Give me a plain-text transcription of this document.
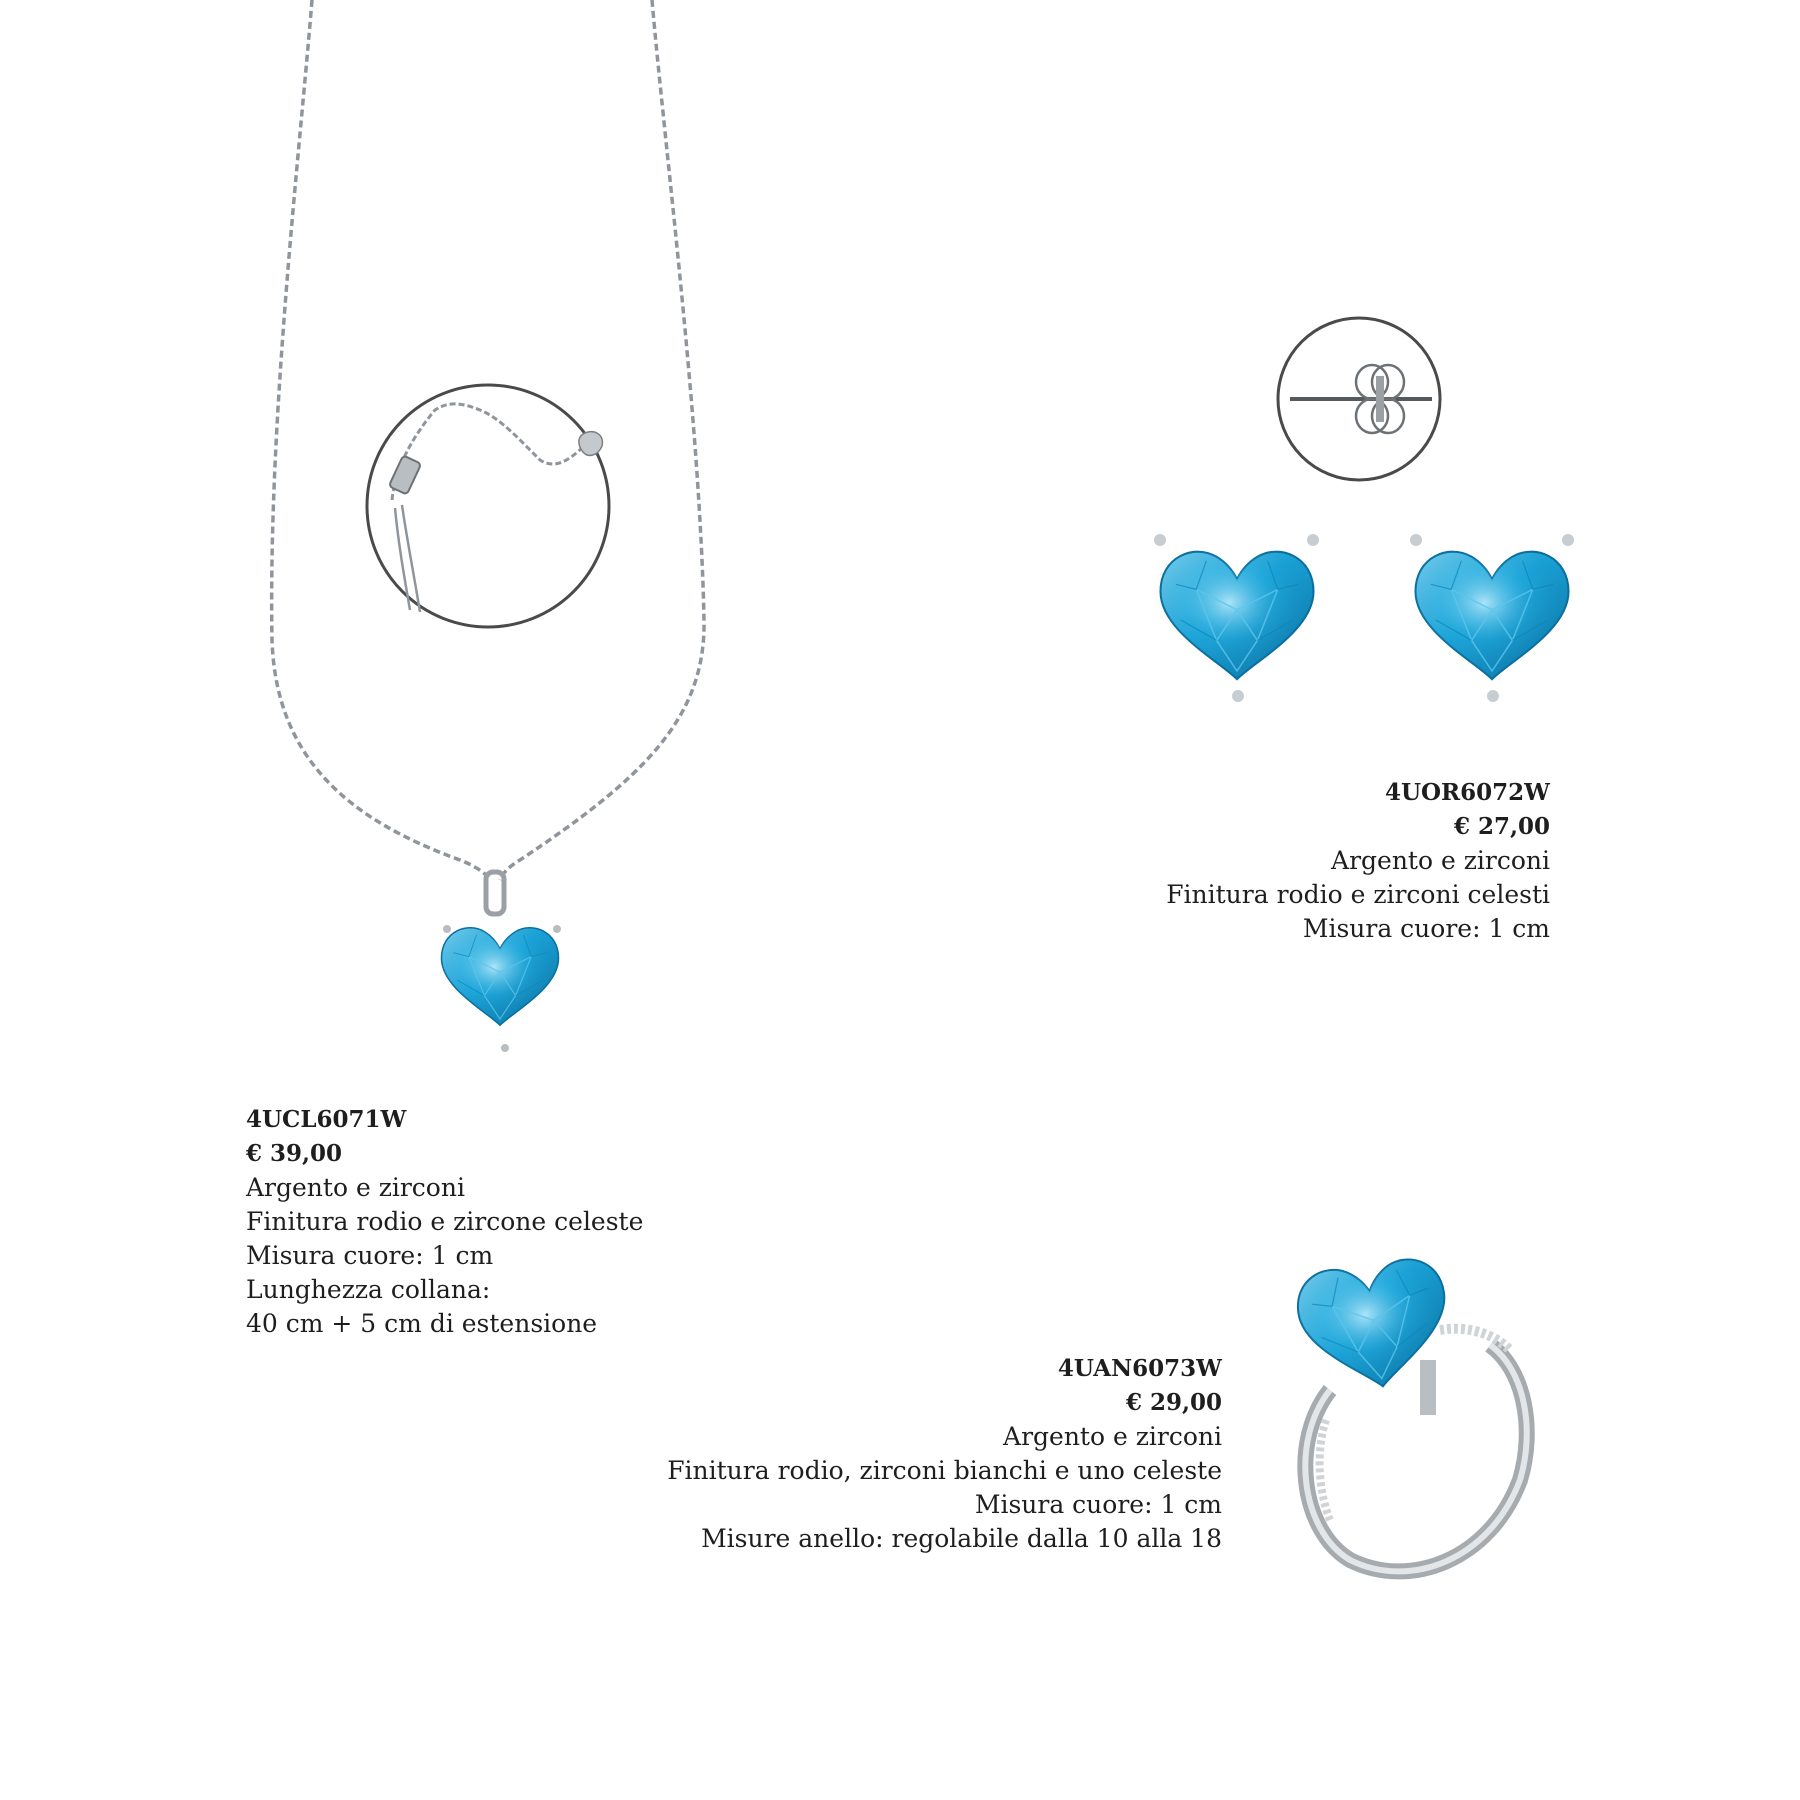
4UCL6071W
€ 39,00
Argento e zirconi
Finitura rodio e zircone celeste
Misura cuore: 1 cm
Lunghezza collana:
40 cm + 5 cm di estensione
4UOR6072W
€ 27,00
Argento e zirconi
Finitura rodio e zirconi celesti
Misura cuore: 1 cm
4UAN6073W
€ 29,00
Argento e zirconi
Finitura rodio, zirconi bianchi e uno celeste
Misura cuore: 1 cm
Misure anello: regolabile dalla 10 alla 18
